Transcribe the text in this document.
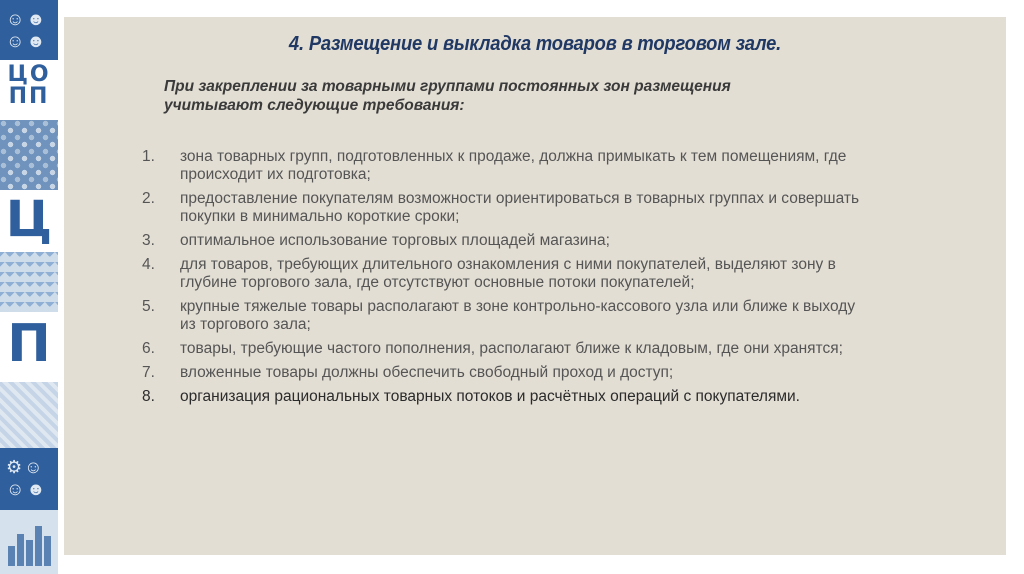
☺☻
☺☻
ЦО
ПП
Ц
П
⚙☺
☺☻
4. Размещение и выкладка товаров в торговом зале.
При закреплении за товарными группами постоянных зон размещения учитывают следующие требования:
1. зона товарных групп, подготовленных к продаже, должна примыкать к тем помещениям, где происходит их подготовка;
2. предоставление покупателям возможности ориентироваться в товарных группах и совершать покупки в минимально короткие сроки;
3. оптимальное использование торговых площадей магазина;
4. для товаров, требующих длительного ознакомления с ними покупателей, выделяют зону в глубине торгового зала, где отсутствуют основные потоки покупателей;
5. крупные тяжелые товары располагают в зоне контрольно-кассового узла или ближе к выходу из торгового зала;
6. товары, требующие частого пополнения, располагают ближе к кладовым, где они хранятся;
7. вложенные товары должны обеспечить свободный проход и доступ;
8. организация рациональных товарных потоков и расчётных операций с покупателями.
